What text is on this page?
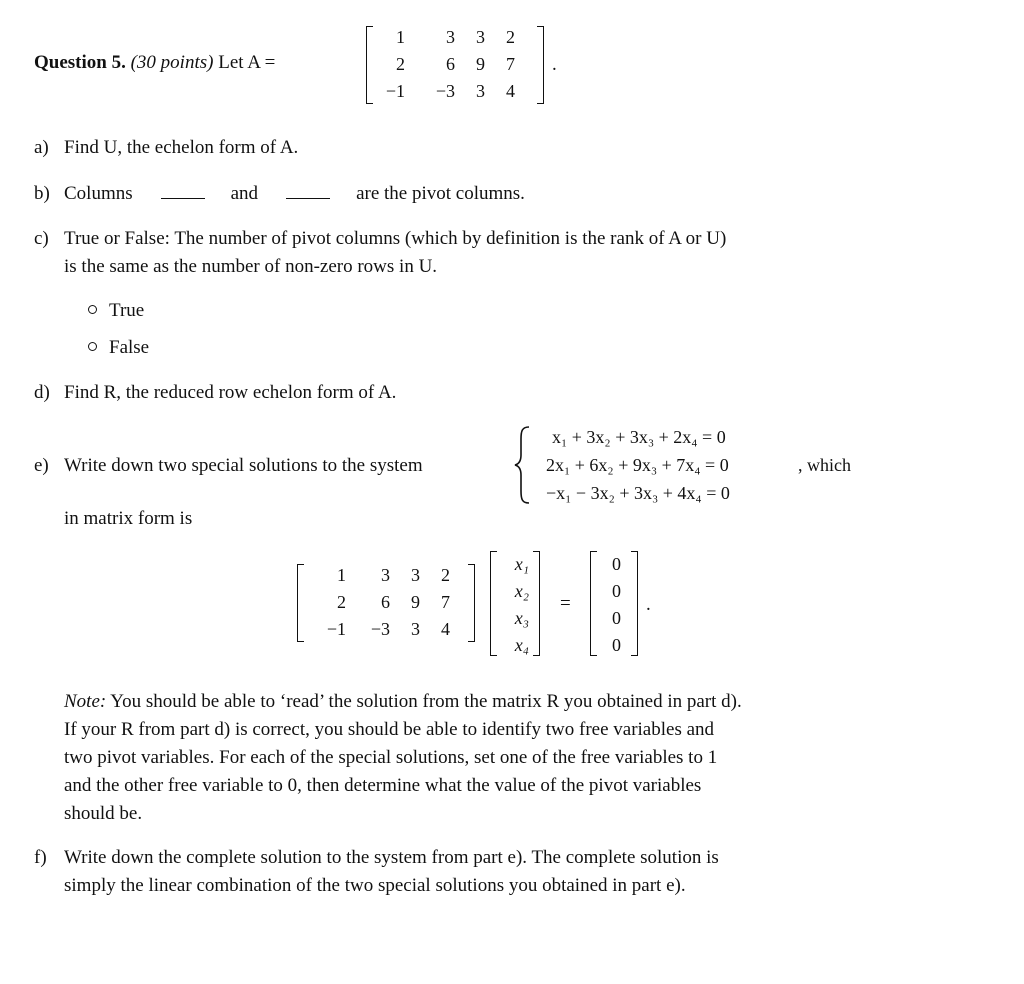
Question 5. (30 points) Let A =
1	3	3	2
2	6	9	7
−1	−3	3	4
.
a) Find U, the echelon form of A.
b) Columns	and	are the pivot columns.
c) True or False: The number of pivot columns (which by definition is the rank of A or U)
is the same as the number of non-zero rows in U.
True
False
d) Find R, the reduced row echelon form of A.
e) Write down two special solutions to the system
x₁ + 3x₂ + 3x₃ + 2x₄ = 0
2x₁ + 6x₂ + 9x₃ + 7x₄ = 0
−x₁ − 3x₂ + 3x₃ + 4x₄ = 0
, which
in matrix form is
1	3	3	2
2	6	9	7
−1	−3	3	4
x₁
x₂
x₃
x₄
=
0
0
0
0
.
Note: You should be able to ‘read’ the solution from the matrix R you obtained in part d).
If your R from part d) is correct, you should be able to identify two free variables and
two pivot variables. For each of the special solutions, set one of the free variables to 1
and the other free variable to 0, then determine what the value of the pivot variables
should be.
f) Write down the complete solution to the system from part e). The complete solution is
simply the linear combination of the two special solutions you obtained in part e).
